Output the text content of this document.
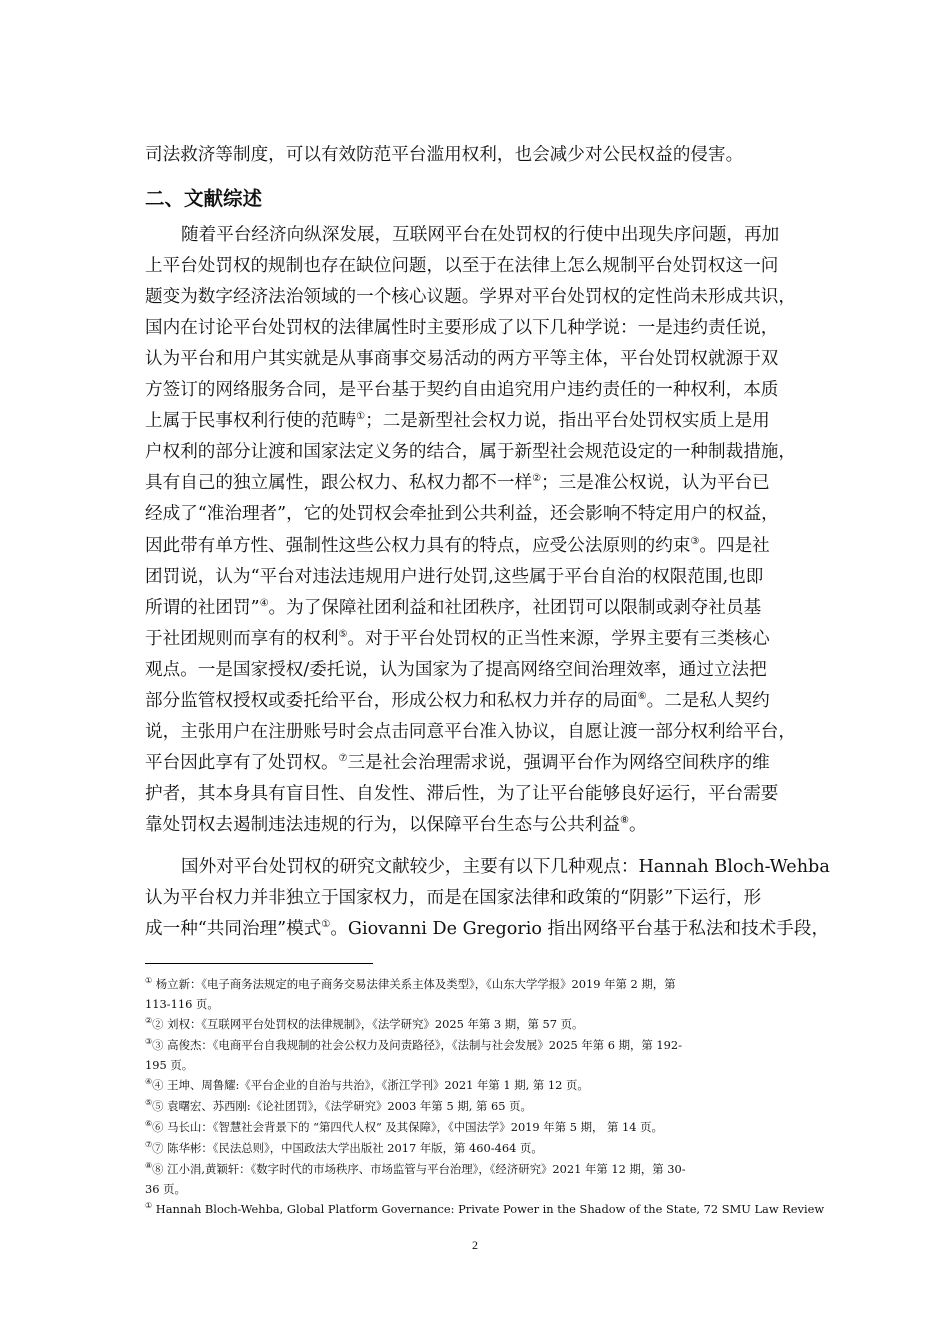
司法救济等制度，可以有效防范平台滥用权利，也会减少对公民权益的侵害。
二、文献综述
随着平台经济向纵深发展，互联网平台在处罚权的行使中出现失序问题，再加
上平台处罚权的规制也存在缺位问题，以至于在法律上怎么规制平台处罚权这一问
题变为数字经济法治领域的一个核心议题。学界对平台处罚权的定性尚未形成共识，
国内在讨论平台处罚权的法律属性时主要形成了以下几种学说：一是违约责任说，
认为平台和用户其实就是从事商事交易活动的两方平等主体，平台处罚权就源于双
方签订的网络服务合同，是平台基于契约自由追究用户违约责任的一种权利，本质
上属于民事权利行使的范畴①；二是新型社会权力说，指出平台处罚权实质上是用
户权利的部分让渡和国家法定义务的结合，属于新型社会规范设定的一种制裁措施，
具有自己的独立属性，跟公权力、私权力都不一样②；三是准公权说，认为平台已
经成了“准治理者”，它的处罚权会牵扯到公共利益，还会影响不特定用户的权益，
因此带有单方性、强制性这些公权力具有的特点，应受公法原则的约束③。四是社
团罚说，认为“平台对违法违规用户进行处罚,这些属于平台自治的权限范围,也即
所谓的社团罚”④。为了保障社团利益和社团秩序，社团罚可以限制或剥夺社员基
于社团规则而享有的权利⑤。对于平台处罚权的正当性来源，学界主要有三类核心
观点。一是国家授权/委托说，认为国家为了提高网络空间治理效率，通过立法把
部分监管权授权或委托给平台，形成公权力和私权力并存的局面⑥。二是私人契约
说，主张用户在注册账号时会点击同意平台准入协议，自愿让渡一部分权利给平台，
平台因此享有了处罚权。⑦三是社会治理需求说，强调平台作为网络空间秩序的维
护者，其本身具有盲目性、自发性、滞后性，为了让平台能够良好运行，平台需要
靠处罚权去遏制违法违规的行为，以保障平台生态与公共利益⑧。
国外对平台处罚权的研究文献较少，主要有以下几种观点：Hannah Bloch-Wehba
认为平台权力并非独立于国家权力，而是在国家法律和政策的“阴影”下运行，形
成一种“共同治理”模式①。Giovanni De Gregorio 指出网络平台基于私法和技术手段，
① 杨立新：《电子商务法规定的电子商务交易法律关系主体及类型》，《山东大学学报》2019 年第 2 期，第
113-116 页。
②② 刘权：《互联网平台处罚权的法律规制》，《法学研究》2025 年第 3 期，第 57 页。
③③ 高俊杰：《电商平台自我规制的社会公权力及问责路径》，《法制与社会发展》2025 年第 6 期，第 192-
195 页。
④④ 王坤、周鲁耀:《平台企业的自治与共治》，《浙江学刊》2021 年第 1 期, 第 12 页。
⑤⑤ 袁曙宏、苏西刚:《论社团罚》，《法学研究》2003 年第 5 期, 第 65 页。
⑥⑥ 马长山：《智慧社会背景下的 “第四代人权” 及其保障》，《中国法学》2019 年第 5 期， 第 14 页。
⑦⑦ 陈华彬：《民法总则》，中国政法大学出版社 2017 年版，第 460-464 页。
⑧⑧ 江小涓,黄颖轩：《数字时代的市场秩序、市场监管与平台治理》，《经济研究》2021 年第 12 期，第 30-
36 页。
① Hannah Bloch-Wehba, Global Platform Governance: Private Power in the Shadow of the State, 72 SMU Law Review
2
